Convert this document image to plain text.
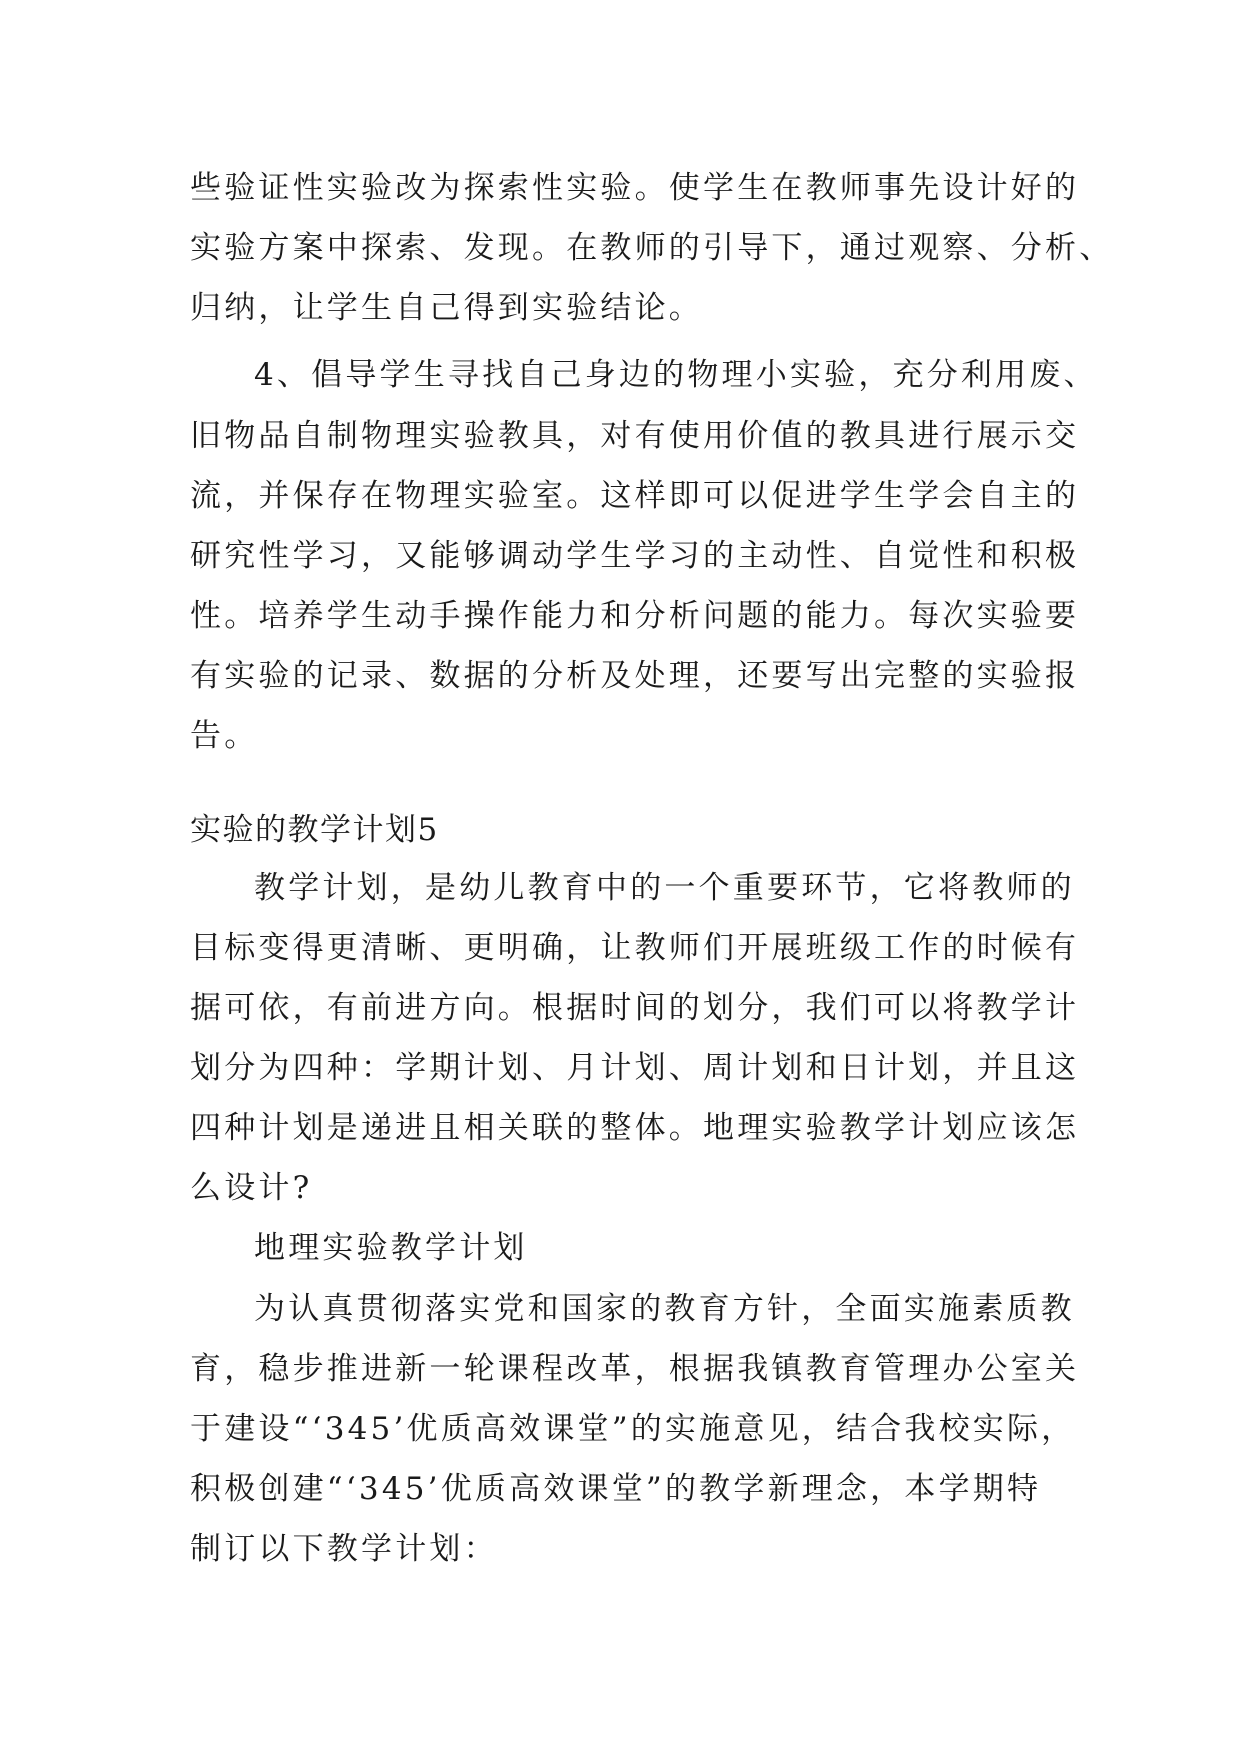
些验证性实验改为探索性实验。使学生在教师事先设计好的
实验方案中探索、发现。在教师的引导下，通过观察、分析、
归纳，让学生自己得到实验结论。
4、倡导学生寻找自己身边的物理小实验，充分利用废、
旧物品自制物理实验教具，对有使用价值的教具进行展示交
流，并保存在物理实验室。这样即可以促进学生学会自主的
研究性学习，又能够调动学生学习的主动性、自觉性和积极
性。培养学生动手操作能力和分析问题的能力。每次实验要
有实验的记录、数据的分析及处理，还要写出完整的实验报
告。
实验的教学计划5
教学计划，是幼儿教育中的一个重要环节，它将教师的
目标变得更清晰、更明确，让教师们开展班级工作的时候有
据可依，有前进方向。根据时间的划分，我们可以将教学计
划分为四种：学期计划、月计划、周计划和日计划，并且这
四种计划是递进且相关联的整体。地理实验教学计划应该怎
么设计?
地理实验教学计划
为认真贯彻落实党和国家的教育方针，全面实施素质教
育，稳步推进新一轮课程改革，根据我镇教育管理办公室关
于建设“‘345’优质高效课堂”的实施意见，结合我校实际，
积极创建“‘345’优质高效课堂”的教学新理念，本学期特
制订以下教学计划：
